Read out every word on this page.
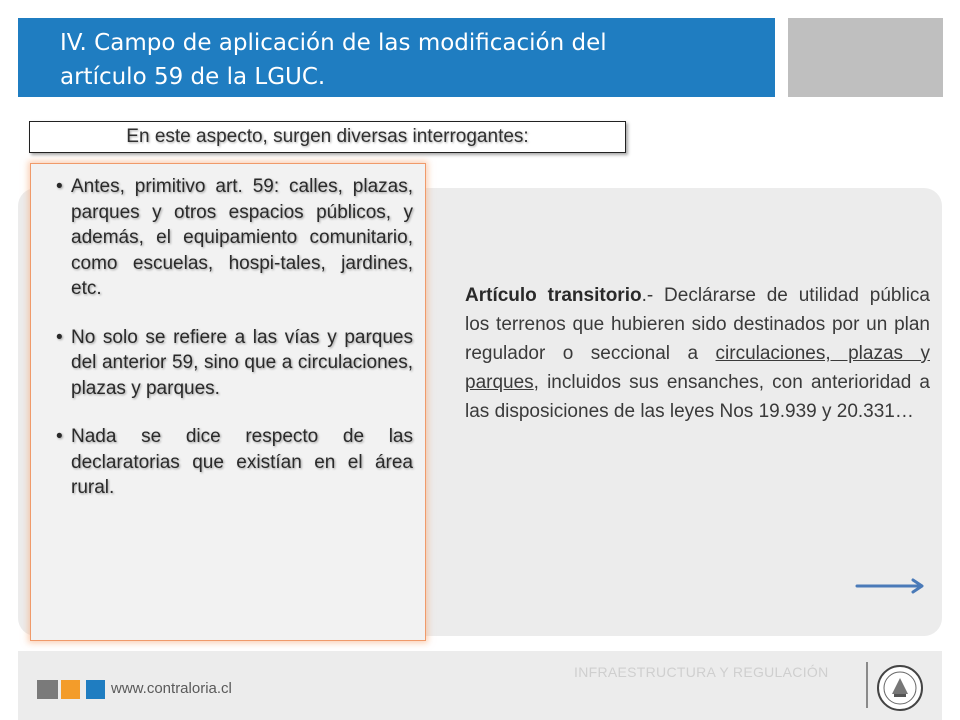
IV. Campo de aplicación de las modificación del
artículo 59 de la LGUC.
En este aspecto, surgen diversas interrogantes:
• Antes, primitivo art. 59: calles, plazas, parques y otros espacios públicos, y además, el equipamiento comunitario, como escuelas, hospi-tales, jardines, etc.
• No solo se refiere a las vías y parques del anterior 59, sino que a circulaciones, plazas y parques.
• Nada se dice respecto de las declaratorias que existían en el área rural.
Artículo transitorio.- Declárarse de utilidad pública los terrenos que hubieren sido destinados por un plan regulador o seccional a circulaciones, plazas y parques, incluidos sus ensanches, con anterioridad a las disposiciones de las leyes Nos 19.939 y 20.331…
INFRAESTRUCTURA Y REGULACIÓN
www.contraloria.cl
